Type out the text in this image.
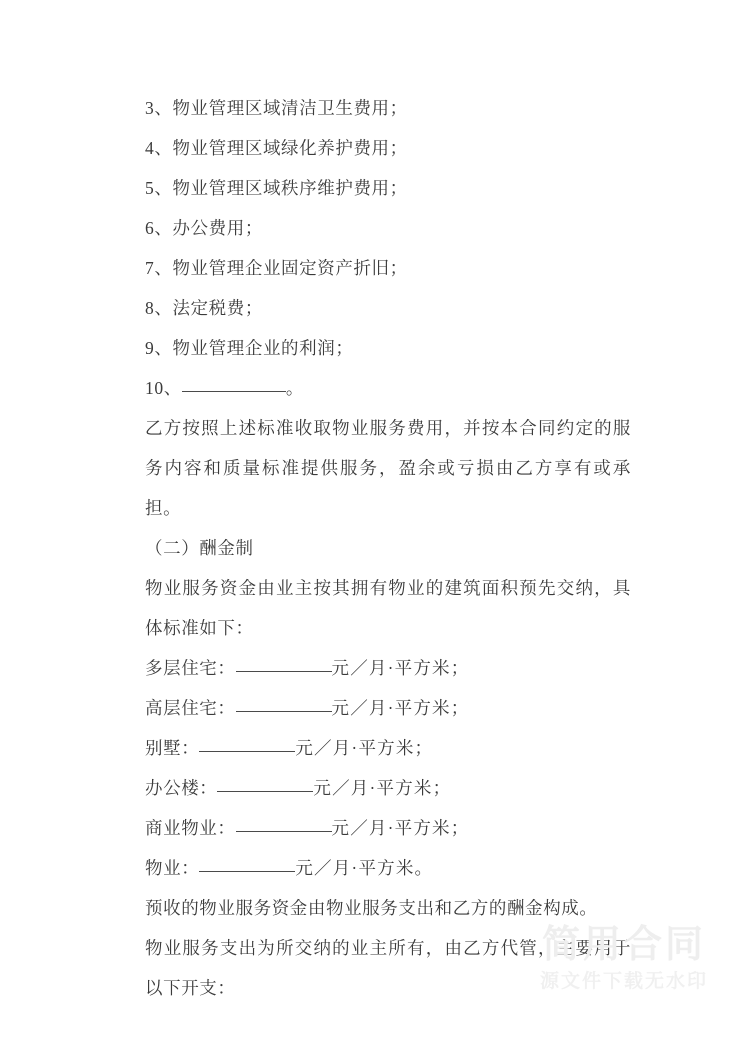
3、物业管理区域清洁卫生费用；
4、物业管理区域绿化养护费用；
5、物业管理区域秩序维护费用；
6、办公费用；
7、物业管理企业固定资产折旧；
8、法定税费；
9、物业管理企业的利润；
10、	。
乙方按照上述标准收取物业服务费用，并按本合同约定的服务内容和质量标准提供服务，盈余或亏损由乙方享有或承担。
（二）酬金制
物业服务资金由业主按其拥有物业的建筑面积预先交纳，具体标准如下：
多层住宅：	元／月·平方米；
高层住宅：	元／月·平方米；
别墅：	元／月·平方米；
办公楼：	元／月·平方米；
商业物业：	元／月·平方米；
物业：	元／月·平方米。
预收的物业服务资金由物业服务支出和乙方的酬金构成。
物业服务支出为所交纳的业主所有，由乙方代管，主要用于以下开支：
简用合同
源文件下载无水印
